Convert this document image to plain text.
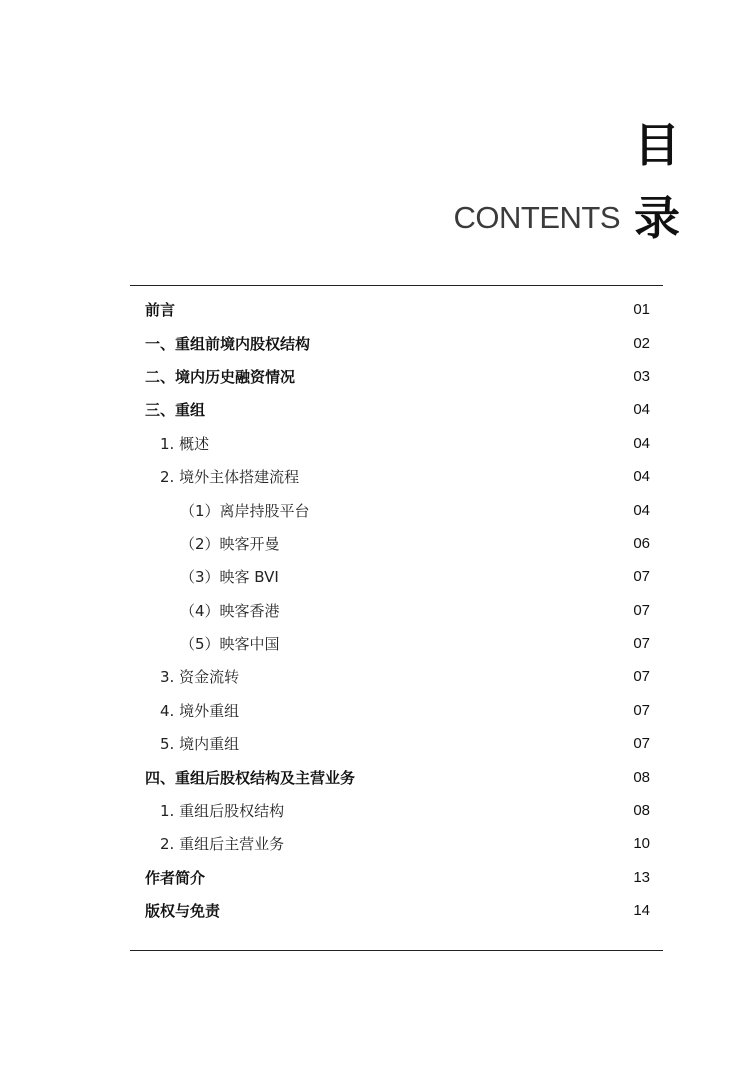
目
CONTENTS 录
前言	01
一、重组前境内股权结构	02
二、境内历史融资情况	03
三、重组	04
1. 概述	04
2. 境外主体搭建流程	04
（1）离岸持股平台	04
（2）映客开曼	06
（3）映客 BVI	07
（4）映客香港	07
（5）映客中国	07
3. 资金流转	07
4. 境外重组	07
5. 境内重组	07
四、重组后股权结构及主营业务	08
1. 重组后股权结构	08
2. 重组后主营业务	10
作者简介	13
版权与免责	14
